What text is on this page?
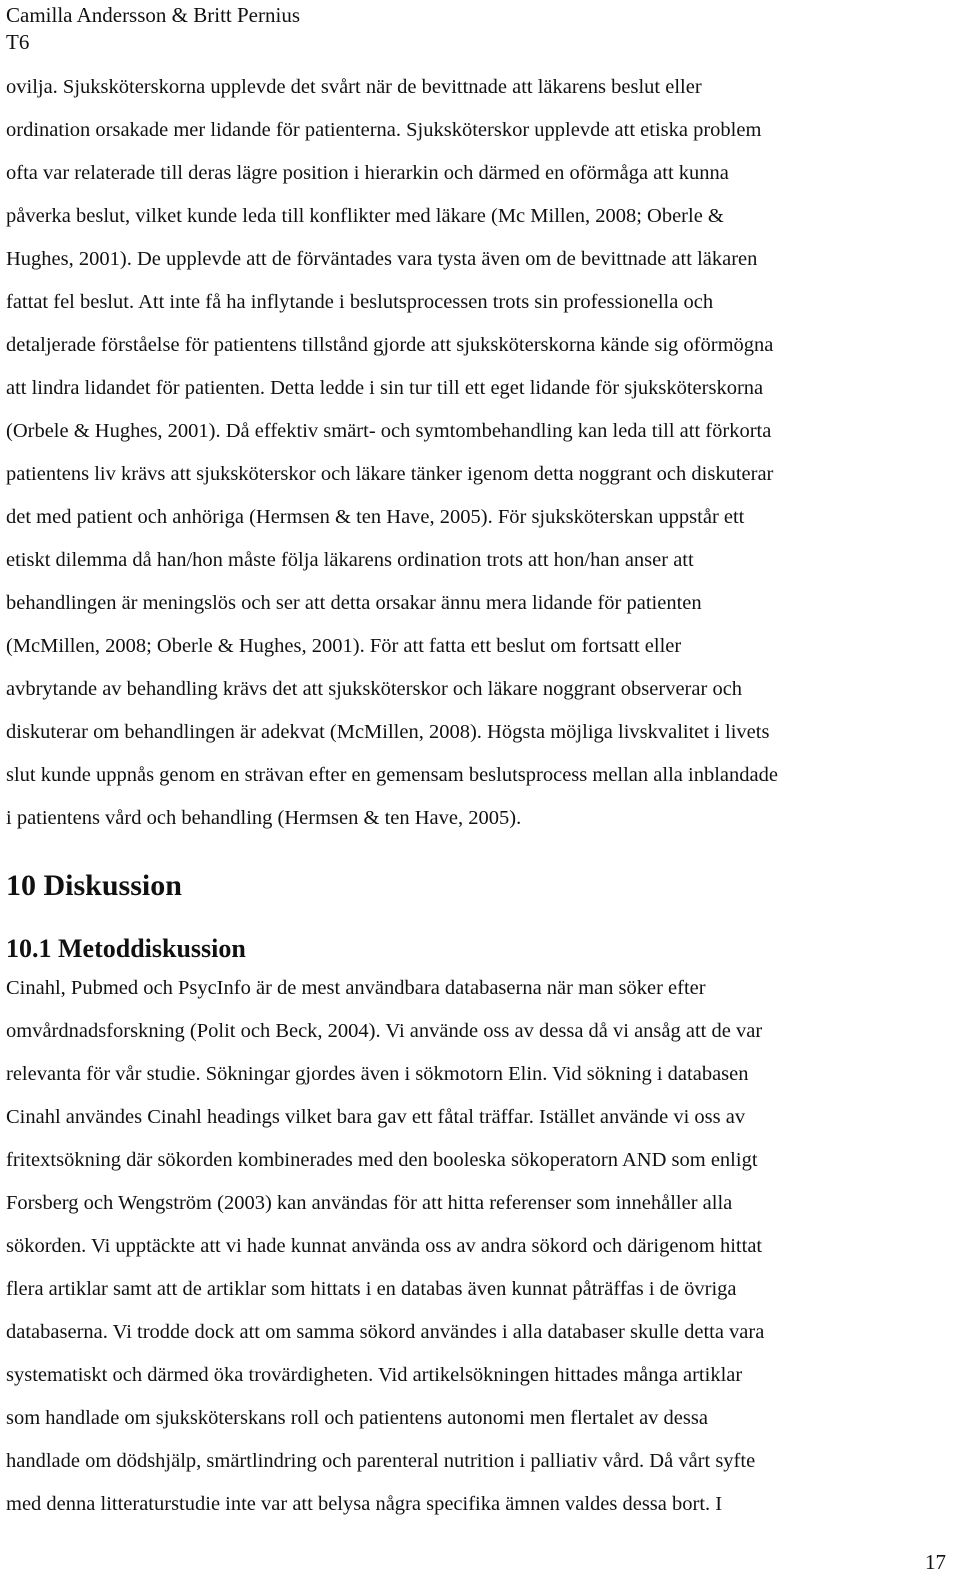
Camilla Andersson & Britt Pernius
T6

ovilja. Sjuksköterskorna upplevde det svårt när de bevittnade att läkarens beslut eller
ordination orsakade mer lidande för patienterna. Sjuksköterskor upplevde att etiska problem
ofta var relaterade till deras lägre position i hierarkin och därmed en oförmåga att kunna
påverka beslut, vilket kunde leda till konflikter med läkare (Mc Millen, 2008; Oberle &
Hughes, 2001). De upplevde att de förväntades vara tysta även om de bevittnade att läkaren
fattat fel beslut. Att inte få ha inflytande i beslutsprocessen trots sin professionella och
detaljerade förståelse för patientens tillstånd gjorde att sjuksköterskorna kände sig oförmögna
att lindra lidandet för patienten. Detta ledde i sin tur till ett eget lidande för sjuksköterskorna
(Orbele & Hughes, 2001). Då effektiv smärt- och symtombehandling kan leda till att förkorta
patientens liv krävs att sjuksköterskor och läkare tänker igenom detta noggrant och diskuterar
det med patient och anhöriga (Hermsen & ten Have, 2005). För sjuksköterskan uppstår ett
etiskt dilemma då han/hon måste följa läkarens ordination trots att hon/han anser att
behandlingen är meningslös och ser att detta orsakar ännu mera lidande för patienten
(McMillen, 2008; Oberle & Hughes, 2001). För att fatta ett beslut om fortsatt eller
avbrytande av behandling krävs det att sjuksköterskor och läkare noggrant observerar och
diskuterar om behandlingen är adekvat (McMillen, 2008). Högsta möjliga livskvalitet i livets
slut kunde uppnås genom en strävan efter en gemensam beslutsprocess mellan alla inblandade
i patientens vård och behandling (Hermsen & ten Have, 2005).

10 Diskussion
10.1 Metoddiskussion

Cinahl, Pubmed och PsycInfo är de mest användbara databaserna när man söker efter
omvårdnadsforskning (Polit och Beck, 2004). Vi använde oss av dessa då vi ansåg att de var
relevanta för vår studie. Sökningar gjordes även i sökmotorn Elin. Vid sökning i databasen
Cinahl användes Cinahl headings vilket bara gav ett fåtal träffar. Istället använde vi oss av
fritextsökning där sökorden kombinerades med den booleska sökoperatorn AND som enligt
Forsberg och Wengström (2003) kan användas för att hitta referenser som innehåller alla
sökorden. Vi upptäckte att vi hade kunnat använda oss av andra sökord och därigenom hittat
flera artiklar samt att de artiklar som hittats i en databas även kunnat påträffas i de övriga
databaserna. Vi trodde dock att om samma sökord användes i alla databaser skulle detta vara
systematiskt och därmed öka trovärdigheten. Vid artikelsökningen hittades många artiklar
som handlade om sjuksköterskans roll och patientens autonomi men flertalet av dessa
handlade om dödshjälp, smärtlindring och parenteral nutrition i palliativ vård. Då vårt syfte
med denna litteraturstudie inte var att belysa några specifika ämnen valdes dessa bort. I

17
